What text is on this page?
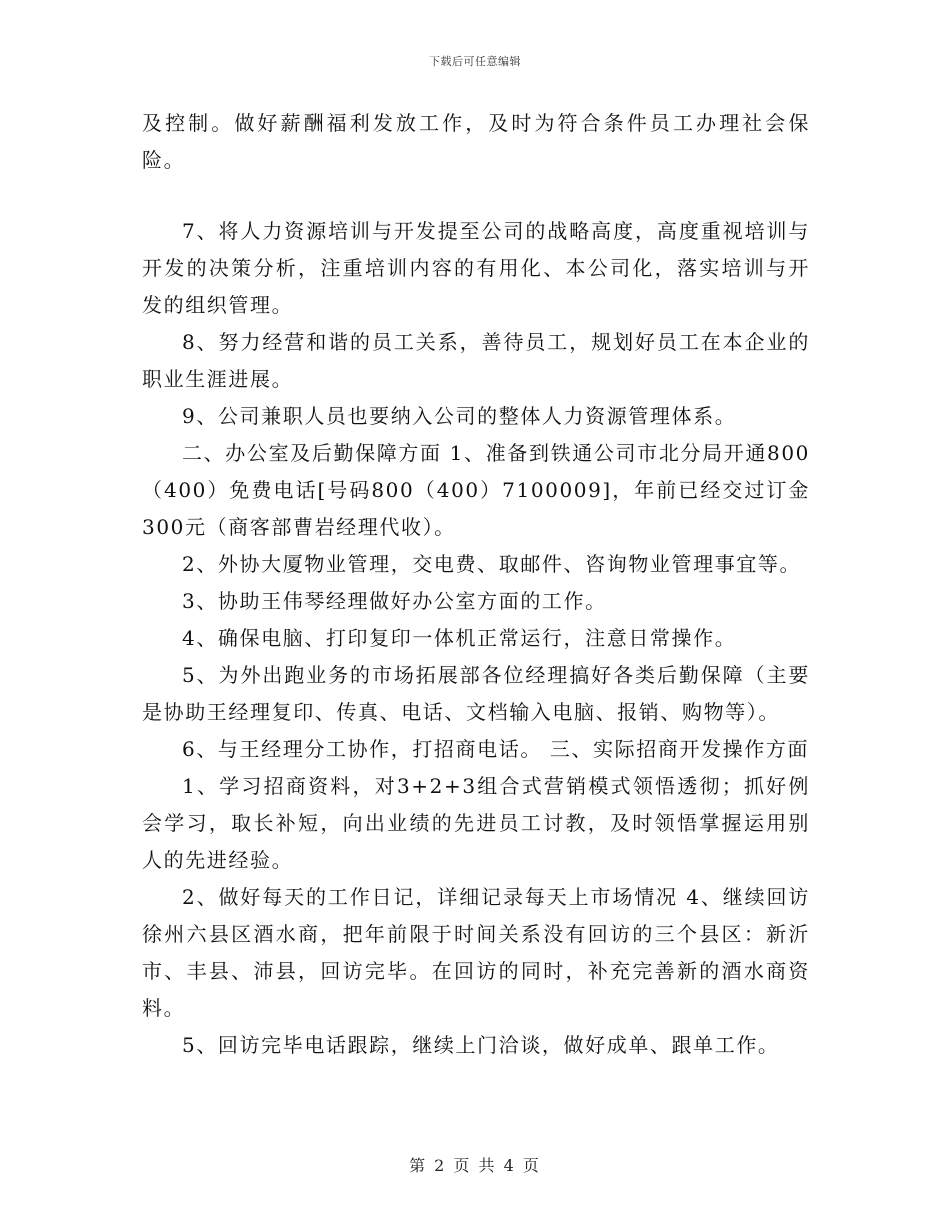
下载后可任意编辑

及控制。做好薪酬福利发放工作，及时为符合条件员工办理社会保险。

7、将人力资源培训与开发提至公司的战略高度，高度重视培训与开发的决策分析，注重培训内容的有用化、本公司化，落实培训与开发的组织管理。

8、努力经营和谐的员工关系，善待员工，规划好员工在本企业的职业生涯进展。

9、公司兼职人员也要纳入公司的整体人力资源管理体系。

二、办公室及后勤保障方面 1、准备到铁通公司市北分局开通800（400）免费电话[号码800（400）7100009]，年前已经交过订金300元（商客部曹岩经理代收）。

2、外协大厦物业管理，交电费、取邮件、咨询物业管理事宜等。

3、协助王伟琴经理做好办公室方面的工作。

4、确保电脑、打印复印一体机正常运行，注意日常操作。

5、为外出跑业务的市场拓展部各位经理搞好各类后勤保障（主要是协助王经理复印、传真、电话、文档输入电脑、报销、购物等）。

6、与王经理分工协作，打招商电话。 三、实际招商开发操作方面

1、学习招商资料，对3+2+3组合式营销模式领悟透彻；抓好例会学习，取长补短，向出业绩的先进员工讨教，及时领悟掌握运用别人的先进经验。

2、做好每天的工作日记，详细记录每天上市场情况 4、继续回访徐州六县区酒水商，把年前限于时间关系没有回访的三个县区：新沂市、丰县、沛县，回访完毕。在回访的同时，补充完善新的酒水商资料。

5、回访完毕电话跟踪，继续上门洽谈，做好成单、跟单工作。

第 2 页 共 4 页
